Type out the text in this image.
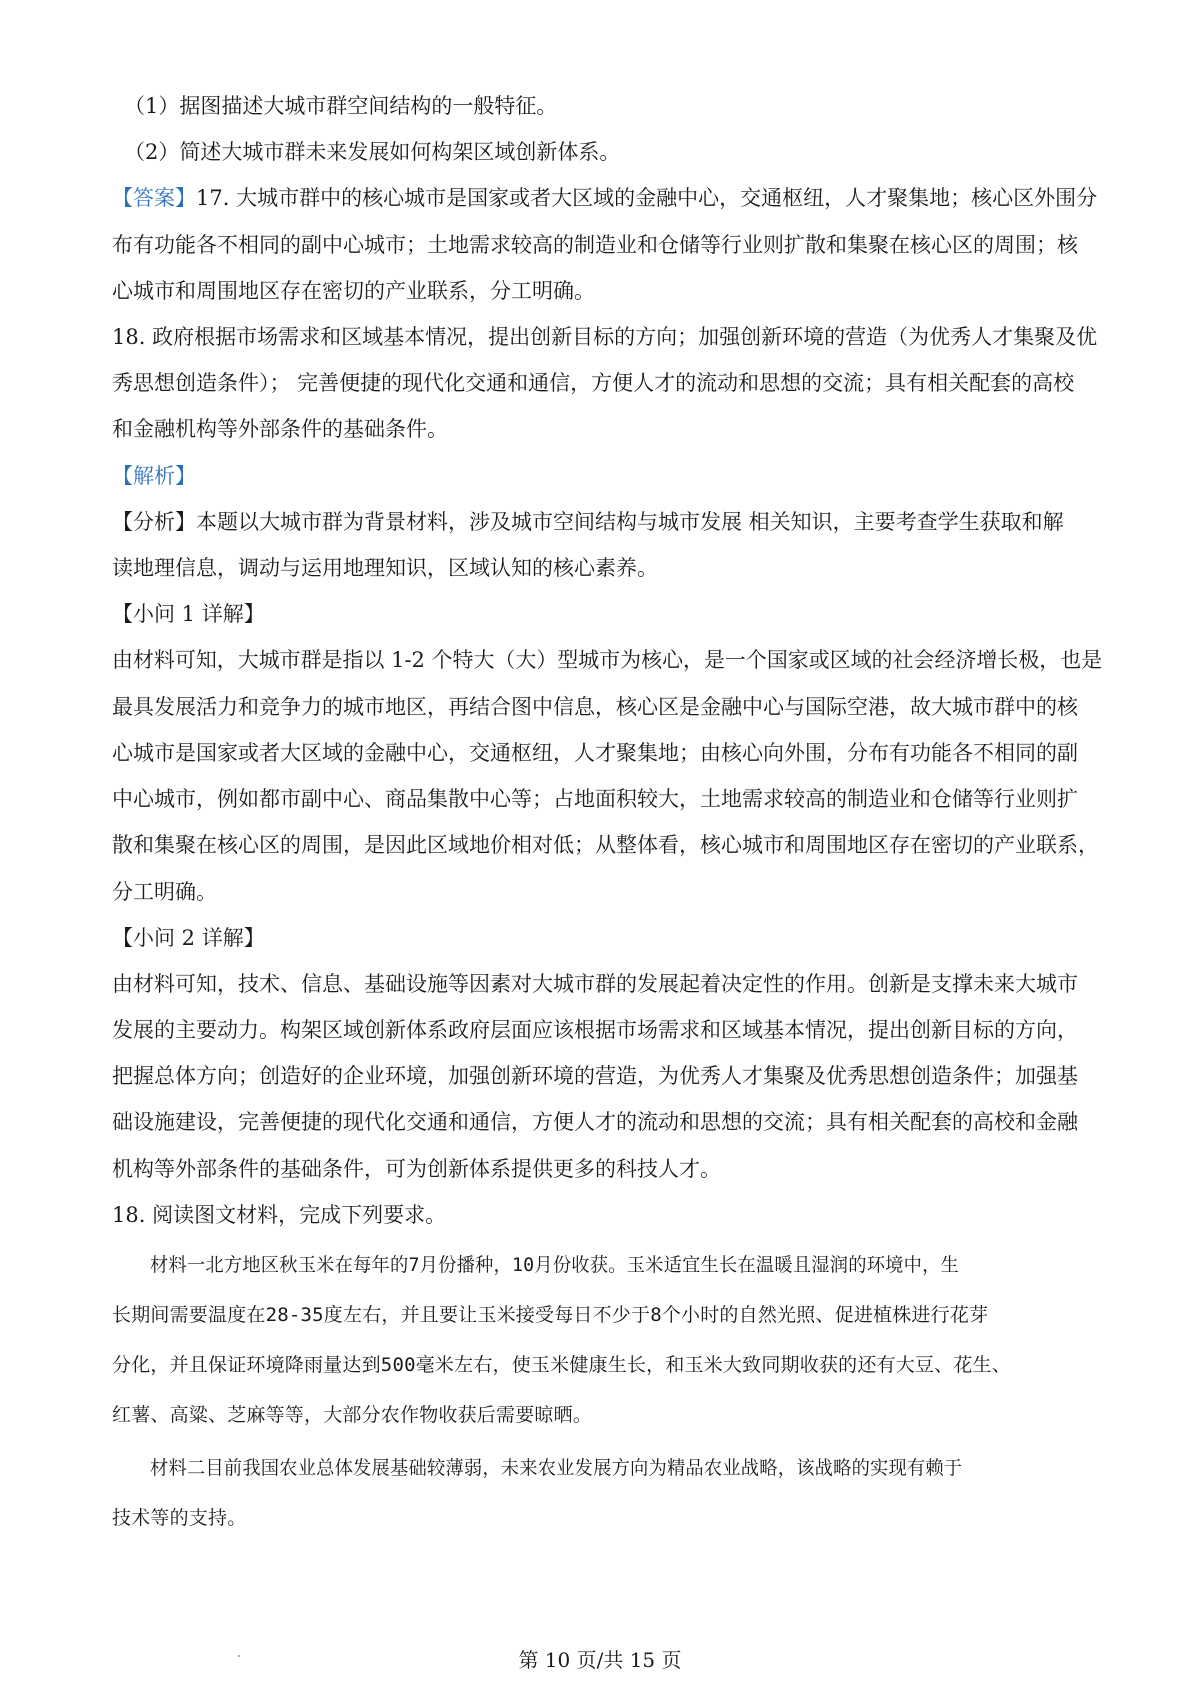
（1）据图描述大城市群空间结构的一般特征。
（2）简述大城市群未来发展如何构架区域创新体系。
【答案】17. 大城市群中的核心城市是国家或者大区域的金融中心，交通枢纽，人才聚集地；核心区外围分
布有功能各不相同的副中心城市；土地需求较高的制造业和仓储等行业则扩散和集聚在核心区的周围；核
心城市和周围地区存在密切的产业联系，分工明确。
18. 政府根据市场需求和区域基本情况，提出创新目标的方向；加强创新环境的营造（为优秀人才集聚及优
秀思想创造条件）； 完善便捷的现代化交通和通信，方便人才的流动和思想的交流；具有相关配套的高校
和金融机构等外部条件的基础条件。
【解析】
【分析】本题以大城市群为背景材料，涉及城市空间结构与城市发展 相关知识，主要考查学生获取和解
读地理信息，调动与运用地理知识，区域认知的核心素养。
【小问 1 详解】
由材料可知，大城市群是指以 1-2 个特大（大）型城市为核心，是一个国家或区域的社会经济增长极，也是
最具发展活力和竞争力的城市地区，再结合图中信息，核心区是金融中心与国际空港，故大城市群中的核
心城市是国家或者大区域的金融中心，交通枢纽，人才聚集地；由核心向外围，分布有功能各不相同的副
中心城市，例如都市副中心、商品集散中心等；占地面积较大，土地需求较高的制造业和仓储等行业则扩
散和集聚在核心区的周围，是因此区域地价相对低；从整体看，核心城市和周围地区存在密切的产业联系，
分工明确。
【小问 2 详解】
由材料可知，技术、信息、基础设施等因素对大城市群的发展起着决定性的作用。创新是支撑未来大城市
发展的主要动力。构架区域创新体系政府层面应该根据市场需求和区域基本情况，提出创新目标的方向，
把握总体方向；创造好的企业环境，加强创新环境的营造，为优秀人才集聚及优秀思想创造条件；加强基
础设施建设，完善便捷的现代化交通和通信，方便人才的流动和思想的交流；具有相关配套的高校和金融
机构等外部条件的基础条件，可为创新体系提供更多的科技人才。
18. 阅读图文材料，完成下列要求。
材料一北方地区秋玉米在每年的7月份播种，10月份收获。玉米适宜生长在温暖且湿润的环境中，生
长期间需要温度在28-35度左右，并且要让玉米接受每日不少于8个小时的自然光照、促进植株进行花芽
分化，并且保证环境降雨量达到500毫米左右，使玉米健康生长，和玉米大致同期收获的还有大豆、花生、
红薯、高粱、芝麻等等，大部分农作物收获后需要晾晒。
材料二目前我国农业总体发展基础较薄弱，未来农业发展方向为精品农业战略，该战略的实现有赖于
技术等的支持。
第 10 页/共 15 页
